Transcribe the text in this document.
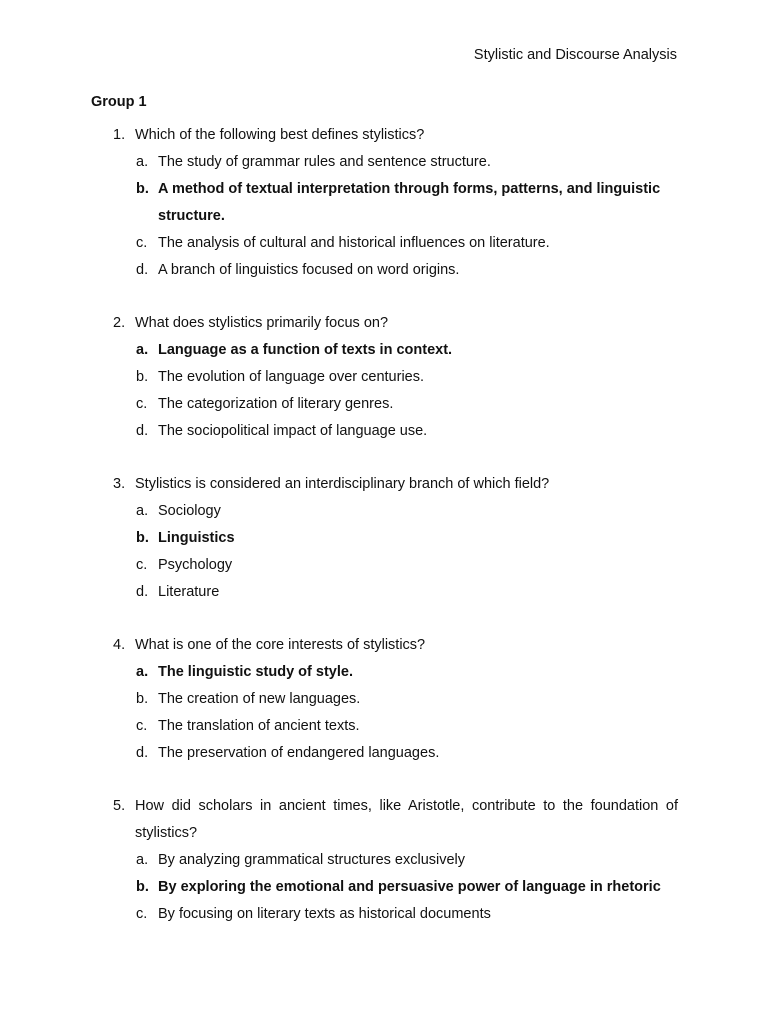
Stylistic and Discourse Analysis
Group 1
1. Which of the following best defines stylistics?
a. The study of grammar rules and sentence structure.
b. A method of textual interpretation through forms, patterns, and linguistic structure.
c. The analysis of cultural and historical influences on literature.
d. A branch of linguistics focused on word origins.
2. What does stylistics primarily focus on?
a. Language as a function of texts in context.
b. The evolution of language over centuries.
c. The categorization of literary genres.
d. The sociopolitical impact of language use.
3. Stylistics is considered an interdisciplinary branch of which field?
a. Sociology
b. Linguistics
c. Psychology
d. Literature
4. What is one of the core interests of stylistics?
a. The linguistic study of style.
b. The creation of new languages.
c. The translation of ancient texts.
d. The preservation of endangered languages.
5. How did scholars in ancient times, like Aristotle, contribute to the foundation of stylistics?
a. By analyzing grammatical structures exclusively
b. By exploring the emotional and persuasive power of language in rhetoric
c. By focusing on literary texts as historical documents
